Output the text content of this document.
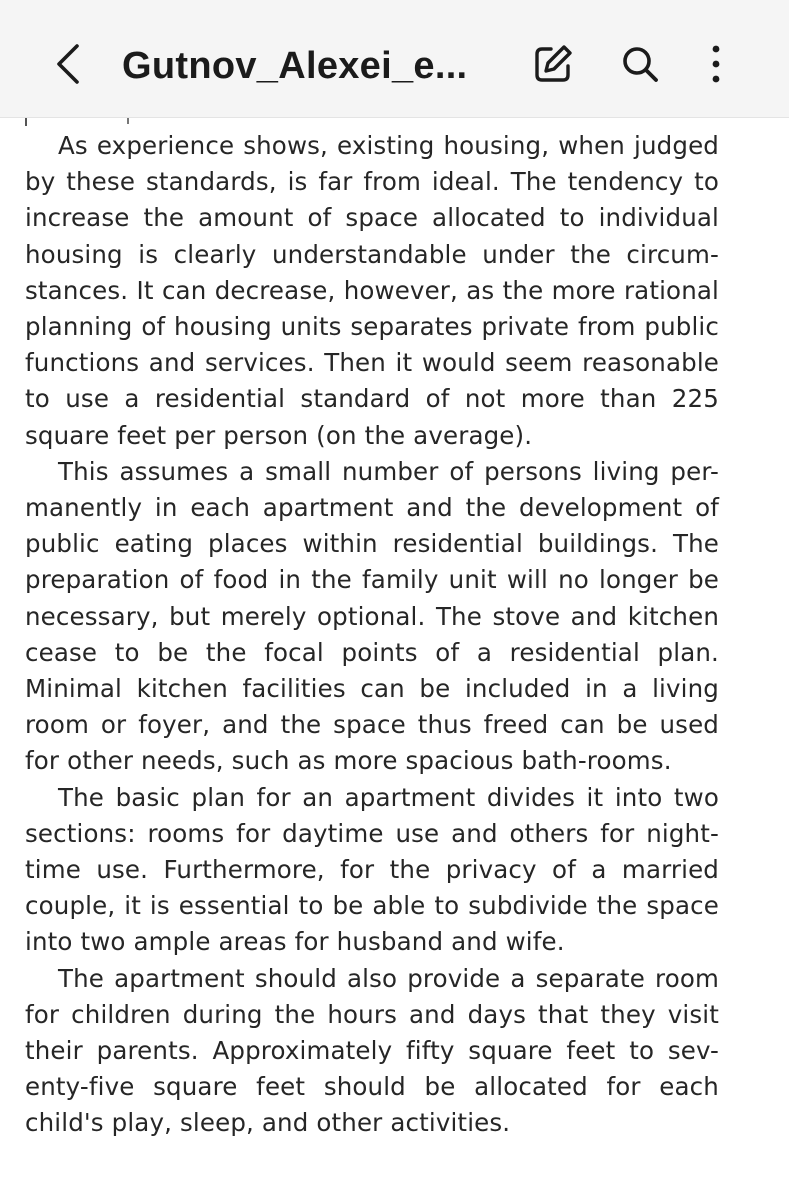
Gutnov_Alexei_e...

As experience shows, existing housing, when judged by these standards, is far from ideal. The tendency to increase the amount of space allocated to individual housing is clearly understandable under the circum-stances. It can decrease, however, as the more rational planning of housing units separates private from public functions and services. Then it would seem reasonable to use a residential standard of not more than 225 square feet per person (on the average).

This assumes a small number of persons living per-manently in each apartment and the development of public eating places within residential buildings. The preparation of food in the family unit will no longer be necessary, but merely optional. The stove and kitchen cease to be the focal points of a residential plan. Minimal kitchen facilities can be included in a living room or foyer, and the space thus freed can be used for other needs, such as more spacious bath-rooms.

The basic plan for an apartment divides it into two sections: rooms for daytime use and others for night-time use. Furthermore, for the privacy of a married couple, it is essential to be able to subdivide the space into two ample areas for husband and wife.

The apartment should also provide a separate room for children during the hours and days that they visit their parents. Approximately fifty square feet to sev-enty-five square feet should be allocated for each child's play, sleep, and other activities.
